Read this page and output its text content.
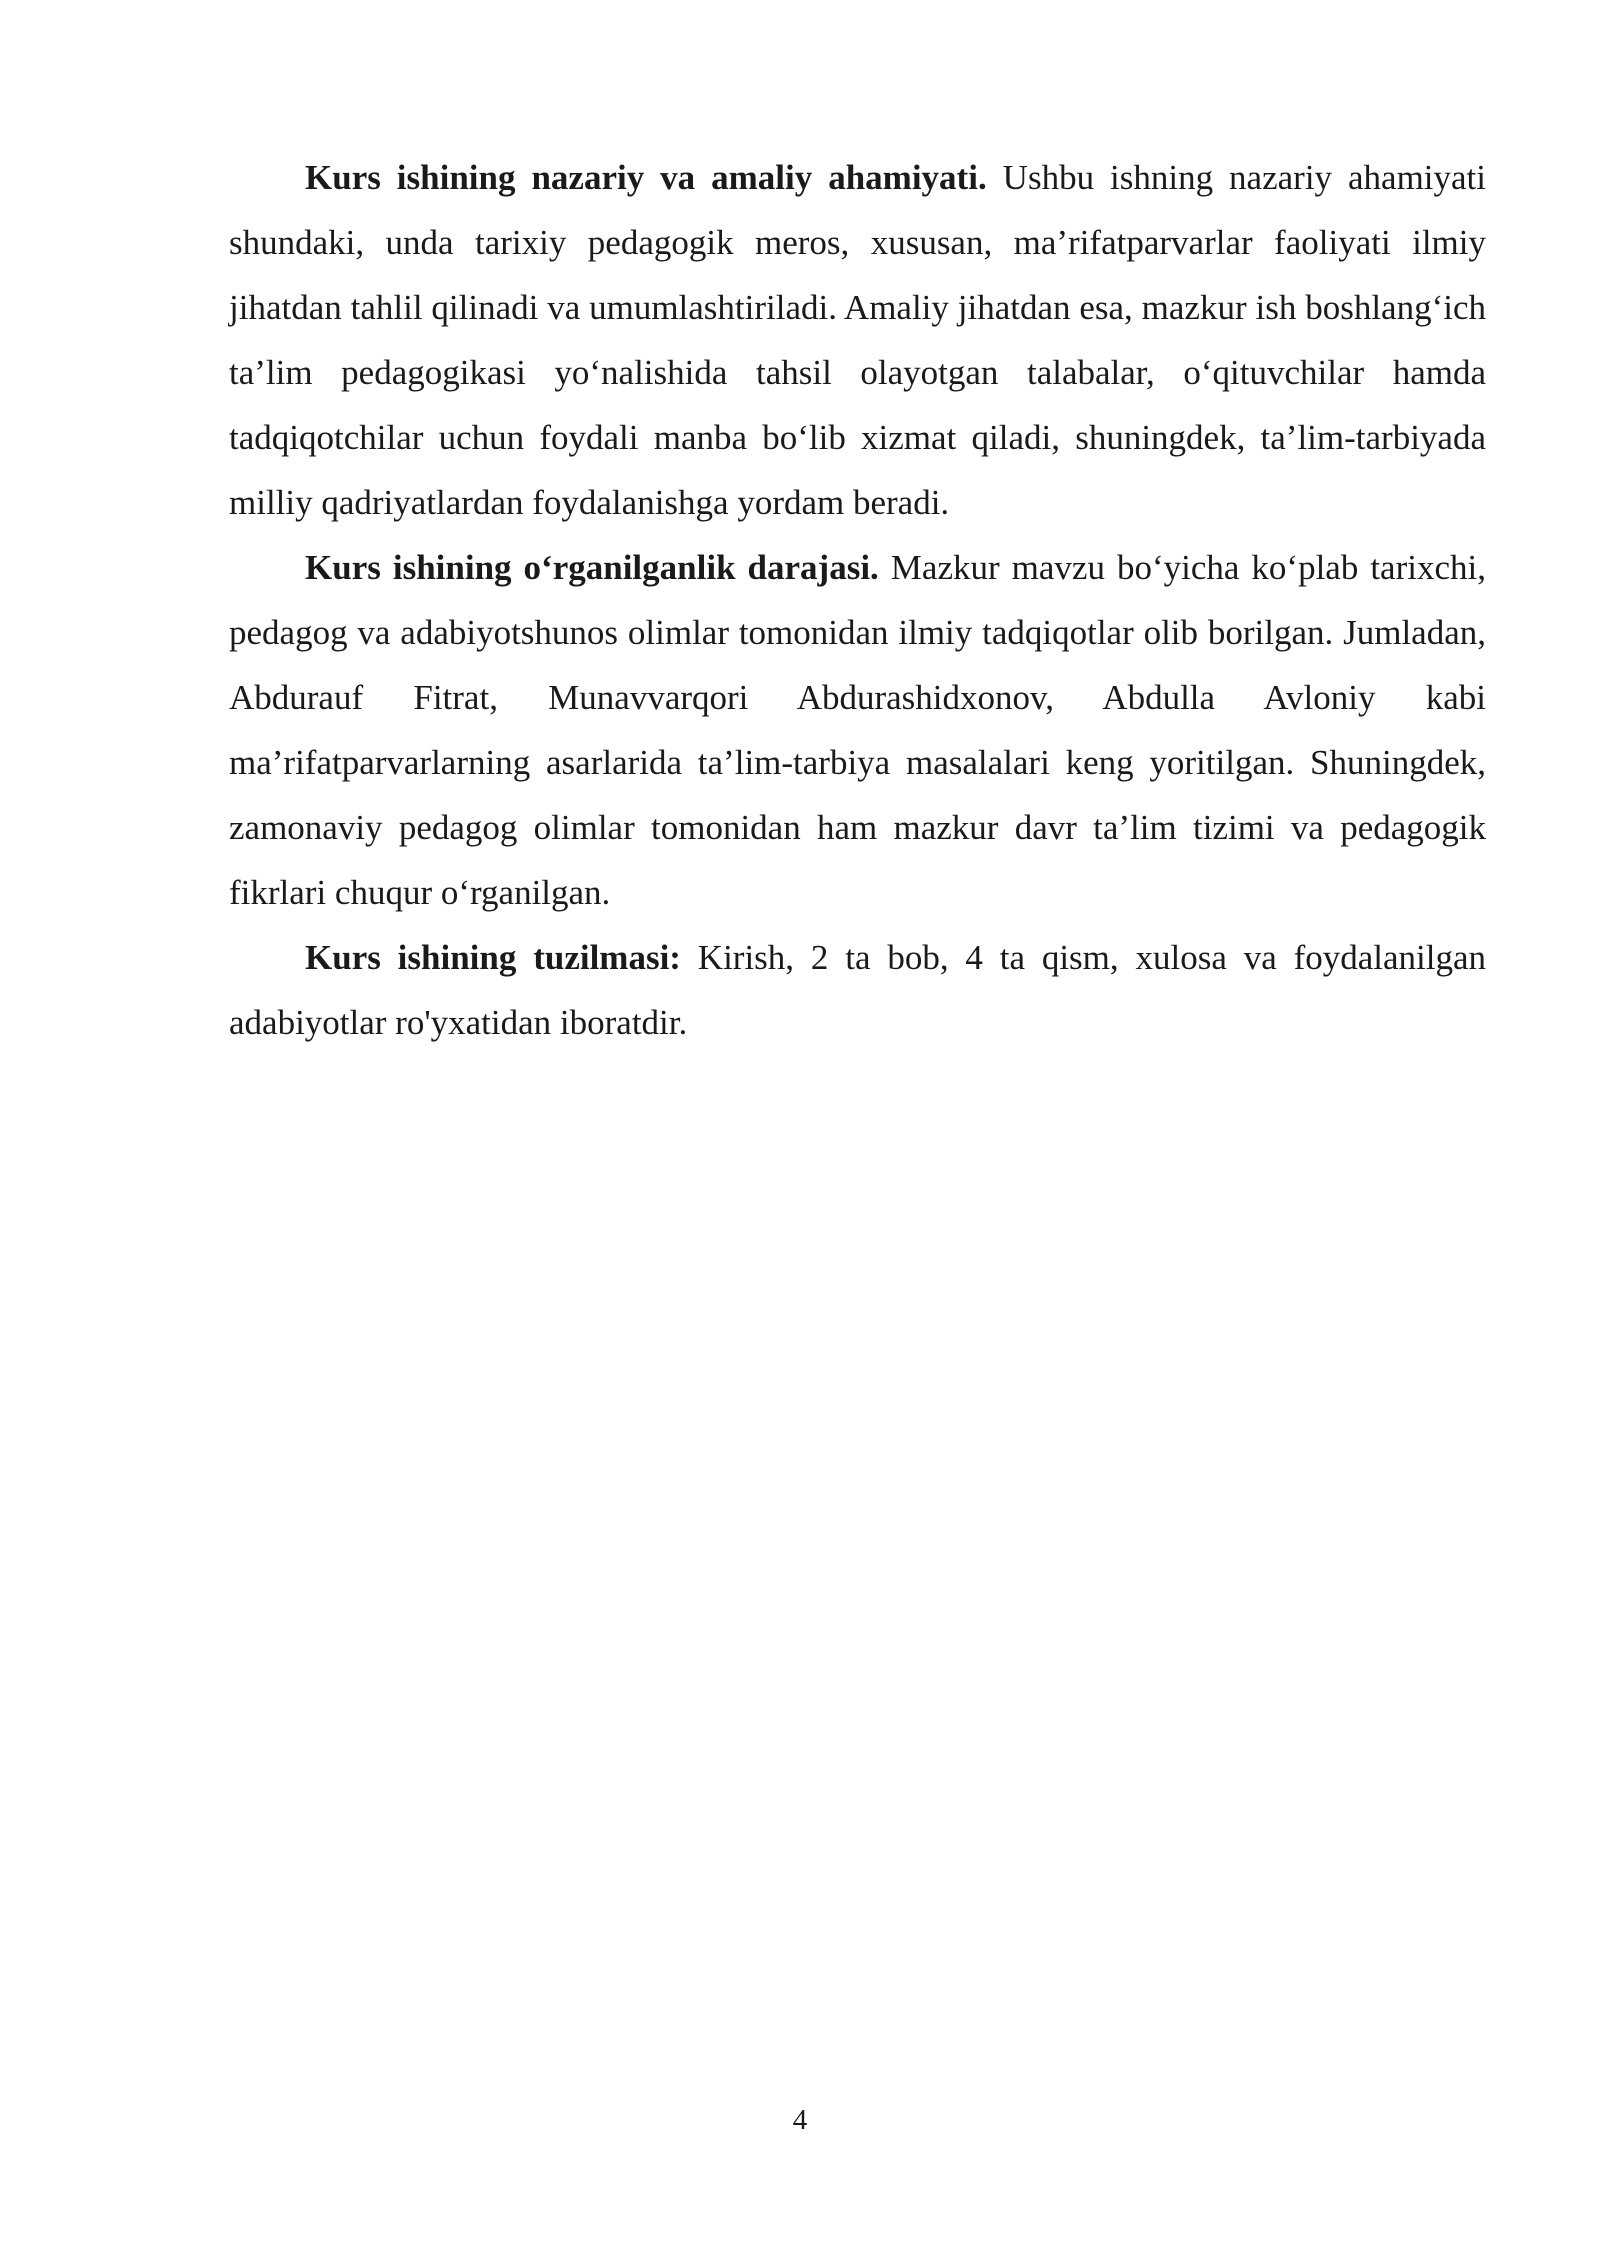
Kurs ishining nazariy va amaliy ahamiyati. Ushbu ishning nazariy ahamiyati shundaki, unda tarixiy pedagogik meros, xususan, ma’rifatparvarlar faoliyati ilmiy jihatdan tahlil qilinadi va umumlashtiriladi. Amaliy jihatdan esa, mazkur ish boshlang‘ich ta’lim pedagogikasi yo‘nalishida tahsil olayotgan talabalar, o‘qituvchilar hamda tadqiqotchilar uchun foydali manba bo‘lib xizmat qiladi, shuningdek, ta’lim-tarbiyada milliy qadriyatlardan foydalanishga yordam beradi.

Kurs ishining o‘rganilganlik darajasi. Mazkur mavzu bo‘yicha ko‘plab tarixchi, pedagog va adabiyotshunos olimlar tomonidan ilmiy tadqiqotlar olib borilgan. Jumladan, Abdurauf Fitrat, Munavvarqori Abdurashidxonov, Abdulla Avloniy kabi ma’rifatparvarlarning asarlarida ta’lim-tarbiya masalalari keng yoritilgan. Shuningdek, zamonaviy pedagog olimlar tomonidan ham mazkur davr ta’lim tizimi va pedagogik fikrlari chuqur o‘rganilgan.

Kurs ishining tuzilmasi: Kirish, 2 ta bob, 4 ta qism, xulosa va foydalanilgan adabiyotlar ro'yxatidan iboratdir.

4
